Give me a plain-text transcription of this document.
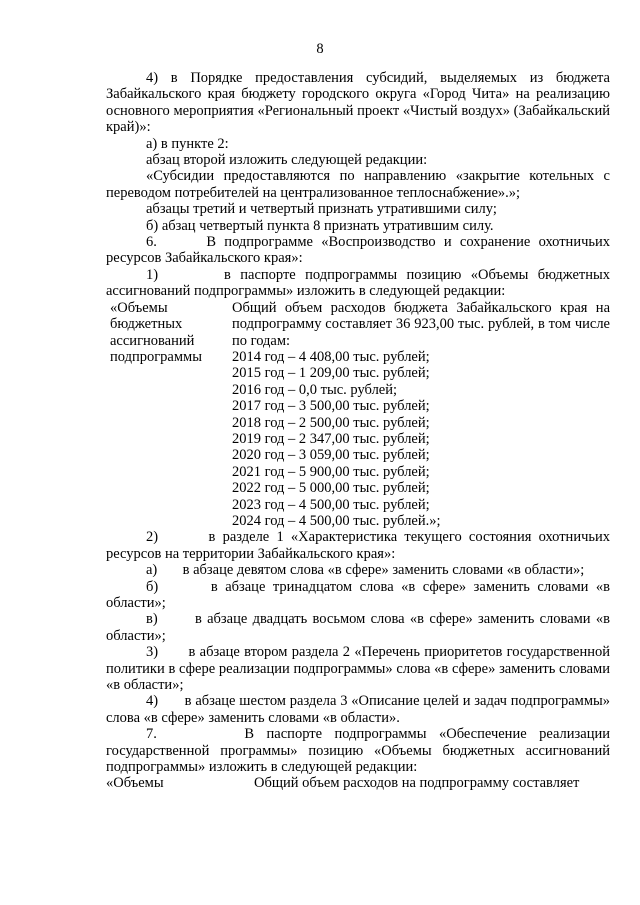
8

4) в Порядке предоставления субсидий, выделяемых из бюджета Забайкальского края бюджету городского округа «Город Чита» на реализацию основного мероприятия «Региональный проект «Чистый воздух» (Забайкальский край)»:

а) в пункте 2:

абзац второй изложить следующей редакции:

«Субсидии предоставляются по направлению «закрытие котельных с переводом потребителей на централизованное теплоснабжение».»;

абзацы третий и четвертый признать утратившими силу;

б) абзац четвертый пункта 8 признать утратившим силу.

6.      В подпрограмме «Воспроизводство и сохранение охотничьих ресурсов Забайкальского края»:

1)       в паспорте подпрограммы позицию «Объемы бюджетных ассигнований подпрограммы» изложить в следующей редакции:

«Объемы
бюджетных
ассигнований
подпрограммы
Общий объем расходов бюджета Забайкальского края на подпрограмму составляет 36 923,00 тыс. рублей, в том числе по годам:
2014 год – 4 408,00 тыс. рублей;
2015 год – 1 209,00 тыс. рублей;
2016 год – 0,0 тыс. рублей;
2017 год – 3 500,00 тыс. рублей;
2018 год – 2 500,00 тыс. рублей;
2019 год – 2 347,00 тыс. рублей;
2020 год – 3 059,00 тыс. рублей;
2021 год – 5 900,00 тыс. рублей;
2022 год – 5 000,00 тыс. рублей;
2023 год – 4 500,00 тыс. рублей;
2024 год – 4 500,00 тыс. рублей.»;

2)       в разделе 1 «Характеристика текущего состояния охотничьих ресурсов на территории Забайкальского края»:

а)       в абзаце девятом слова «в сфере» заменить словами «в области»;

б)       в абзаце тринадцатом слова «в сфере» заменить словами «в области»;

в)       в абзаце двадцать восьмом слова «в сфере» заменить словами «в области»;

3)       в абзаце втором раздела 2 «Перечень приоритетов государственной политики в сфере реализации подпрограммы» слова «в сфере» заменить словами «в области»;

4)       в абзаце шестом раздела 3 «Описание целей и задач подпрограммы» слова «в сфере» заменить словами «в области».

7.       В паспорте подпрограммы «Обеспечение реализации государственной программы» позицию «Объемы бюджетных ассигнований подпрограммы» изложить в следующей редакции:

«Объемы	Общий объем расходов на подпрограмму составляет
